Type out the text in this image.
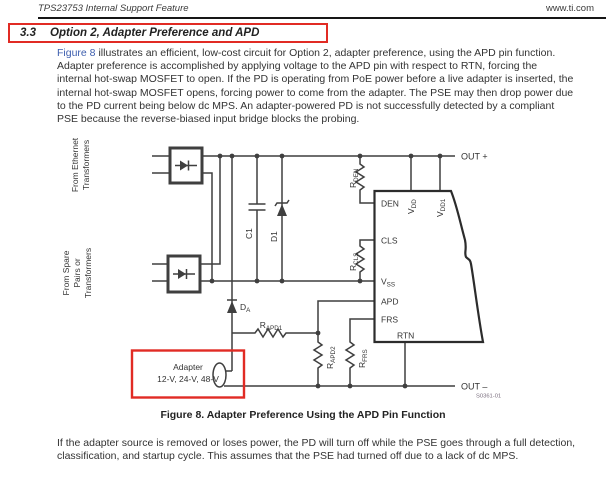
TPS23753 Internal Support Feature	www.ti.com
3.3	Option 2, Adapter Preference and APD

Figure 8 illustrates an efficient, low-cost circuit for Option 2, adapter preference, using the APD pin function. Adapter preference is accomplished by applying voltage to the APD pin with respect to RTN, forcing the internal hot-swap MOSFET to open. If the PD is operating from PoE power before a live adapter is inserted, the internal hot-swap MOSFET opens, forcing power to come from the adapter. The PSE may then drop power due to the PD current being below dc MPS. An adapter-powered PD is not successfully detected by a compliant PSE because the reverse-biased input bridge blocks the probing.

From Ethernet Transformers
From Spare Pairs or Transformers
C1 D1
$D_A$
$R_{DEN}$
$R_{CLS}$
$R_{APD1}$
$R_{APD2}$
$R_{FRS}$
DEN
CLS
$V_{SS}$
APD
FRS
RTN
$V_{DD}$
$V_{DD1}$
OUT +
OUT –
S0361-01
Adapter
12-V, 24-V, 48-V
Figure 8. Adapter Preference Using the APD Pin Function

If the adapter source is removed or loses power, the PD will turn off while the PSE goes through a full detection, classification, and startup cycle. This assumes that the PSE had turned off due to a lack of dc MPS.
